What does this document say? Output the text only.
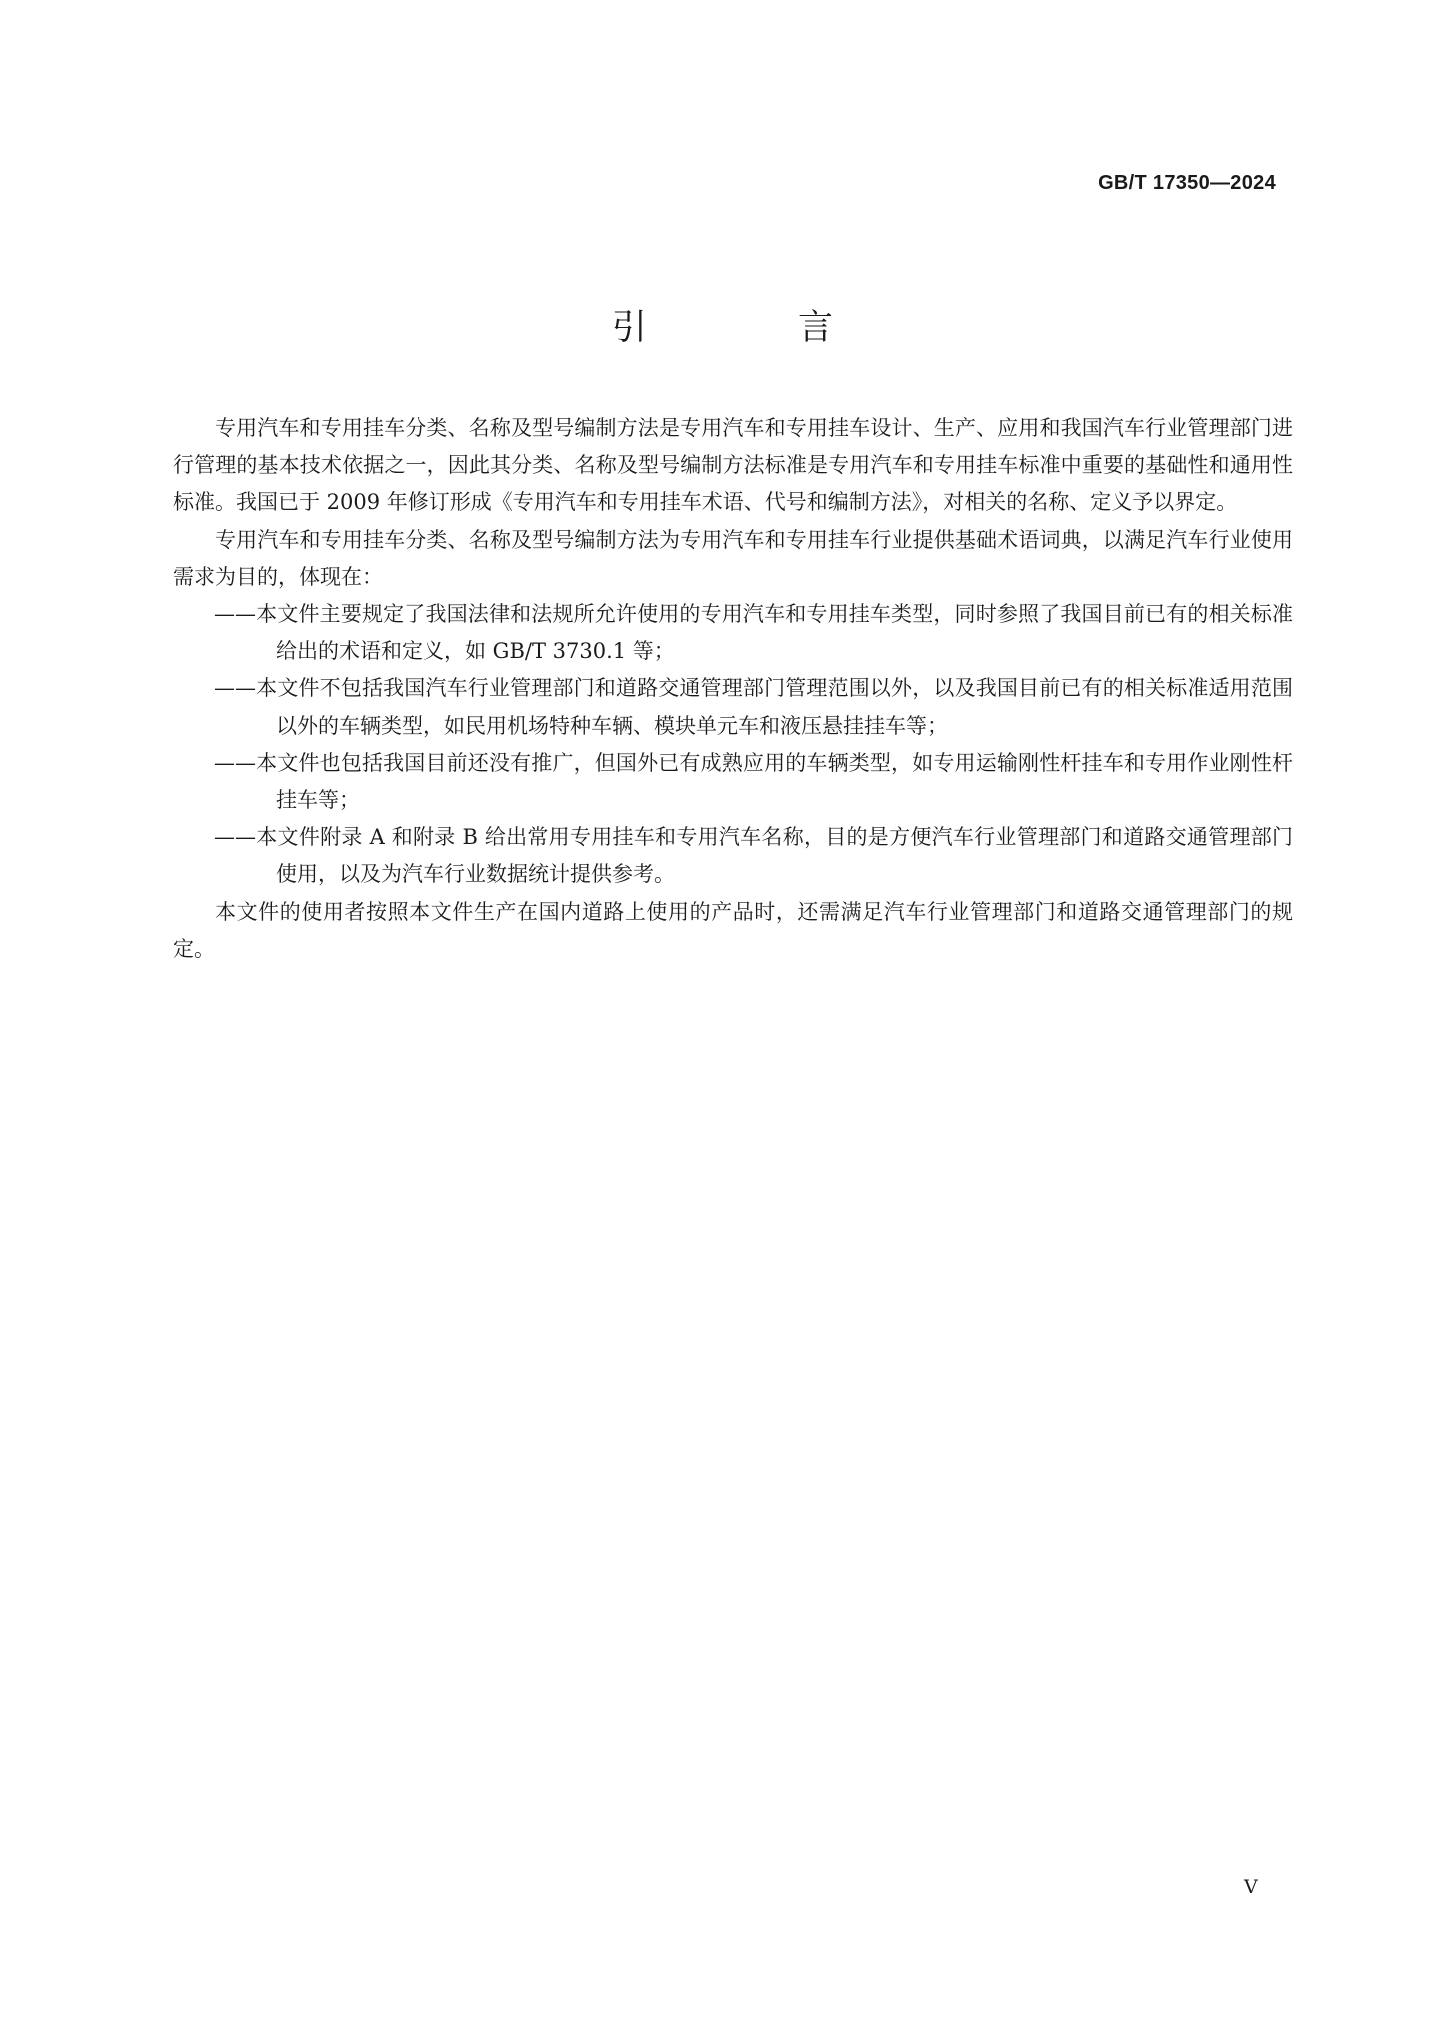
GB/T 17350—2024
引 言

专用汽车和专用挂车分类、名称及型号编制方法是专用汽车和专用挂车设计、生产、应用和我国汽车行业管理部门进行管理的基本技术依据之一，因此其分类、名称及型号编制方法标准是专用汽车和专用挂车标准中重要的基础性和通用性标准。我国已于 2009 年修订形成《专用汽车和专用挂车术语、代号和编制方法》，对相关的名称、定义予以界定。

专用汽车和专用挂车分类、名称及型号编制方法为专用汽车和专用挂车行业提供基础术语词典，以满足汽车行业使用需求为目的，体现在：

——本文件主要规定了我国法律和法规所允许使用的专用汽车和专用挂车类型，同时参照了我国目前已有的相关标准给出的术语和定义，如 GB/T 3730.1 等；

——本文件不包括我国汽车行业管理部门和道路交通管理部门管理范围以外，以及我国目前已有的相关标准适用范围以外的车辆类型，如民用机场特种车辆、模块单元车和液压悬挂挂车等；

——本文件也包括我国目前还没有推广，但国外已有成熟应用的车辆类型，如专用运输刚性杆挂车和专用作业刚性杆挂车等；

——本文件附录 A 和附录 B 给出常用专用挂车和专用汽车名称，目的是方便汽车行业管理部门和道路交通管理部门使用，以及为汽车行业数据统计提供参考。

本文件的使用者按照本文件生产在国内道路上使用的产品时，还需满足汽车行业管理部门和道路交通管理部门的规定。

V
